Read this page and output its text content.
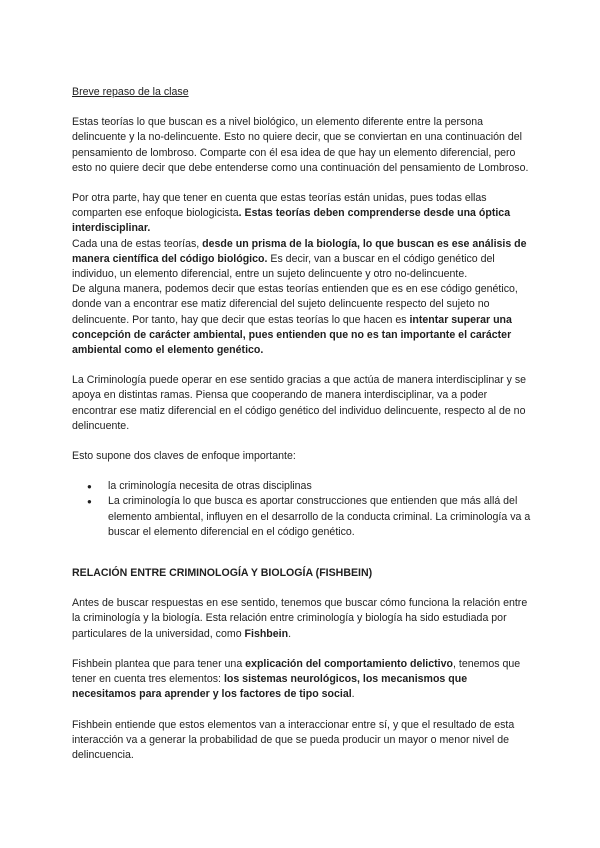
Breve repaso de la clase

Estas teorías lo que buscan es a nivel biológico, un elemento diferente entre la persona delincuente y la no-delincuente. Esto no quiere decir, que se conviertan en una continuación del pensamiento de lombroso. Comparte con él esa idea de que hay un elemento diferencial, pero esto no quiere decir que debe entenderse como una continuación del pensamiento de Lombroso.

Por otra parte, hay que tener en cuenta que estas teorías están unidas, pues todas ellas comparten ese enfoque biologicista. Estas teorías deben comprenderse desde una óptica interdisciplinar.

Cada una de estas teorías, desde un prisma de la biología, lo que buscan es ese análisis de manera científica del código biológico. Es decir, van a buscar en el código genético del individuo, un elemento diferencial, entre un sujeto delincuente y otro no-delincuente.

De alguna manera, podemos decir que estas teorías entienden que es en ese código genético, donde van a encontrar ese matiz diferencial del sujeto delincuente respecto del sujeto no delincuente. Por tanto, hay que decir que estas teorías lo que hacen es intentar superar una concepción de carácter ambiental, pues entienden que no es tan importante el carácter ambiental como el elemento genético.

La Criminología puede operar en ese sentido gracias a que actúa de manera interdisciplinar y se apoya en distintas ramas. Piensa que cooperando de manera interdisciplinar, va a poder encontrar ese matiz diferencial en el código genético del individuo delincuente, respecto al de no delincuente.

Esto supone dos claves de enfoque importante:

● la criminología necesita de otras disciplinas
● La criminología lo que busca es aportar construcciones que entienden que más allá del elemento ambiental, influyen en el desarrollo de la conducta criminal. La criminología va a buscar el elemento diferencial en el código genético.
RELACIÓN ENTRE CRIMINOLOGÍA Y BIOLOGÍA (FISHBEIN)

Antes de buscar respuestas en ese sentido, tenemos que buscar cómo funciona la relación entre la criminología y la biología. Esta relación entre criminología y biología ha sido estudiada por particulares de la universidad, como Fishbein.

Fishbein plantea que para tener una explicación del comportamiento delictivo, tenemos que tener en cuenta tres elementos: los sistemas neurológicos, los mecanismos que necesitamos para aprender y los factores de tipo social.

Fishbein entiende que estos elementos van a interaccionar entre sí, y que el resultado de esta interacción va a generar la probabilidad de que se pueda producir un mayor o menor nivel de delincuencia.
